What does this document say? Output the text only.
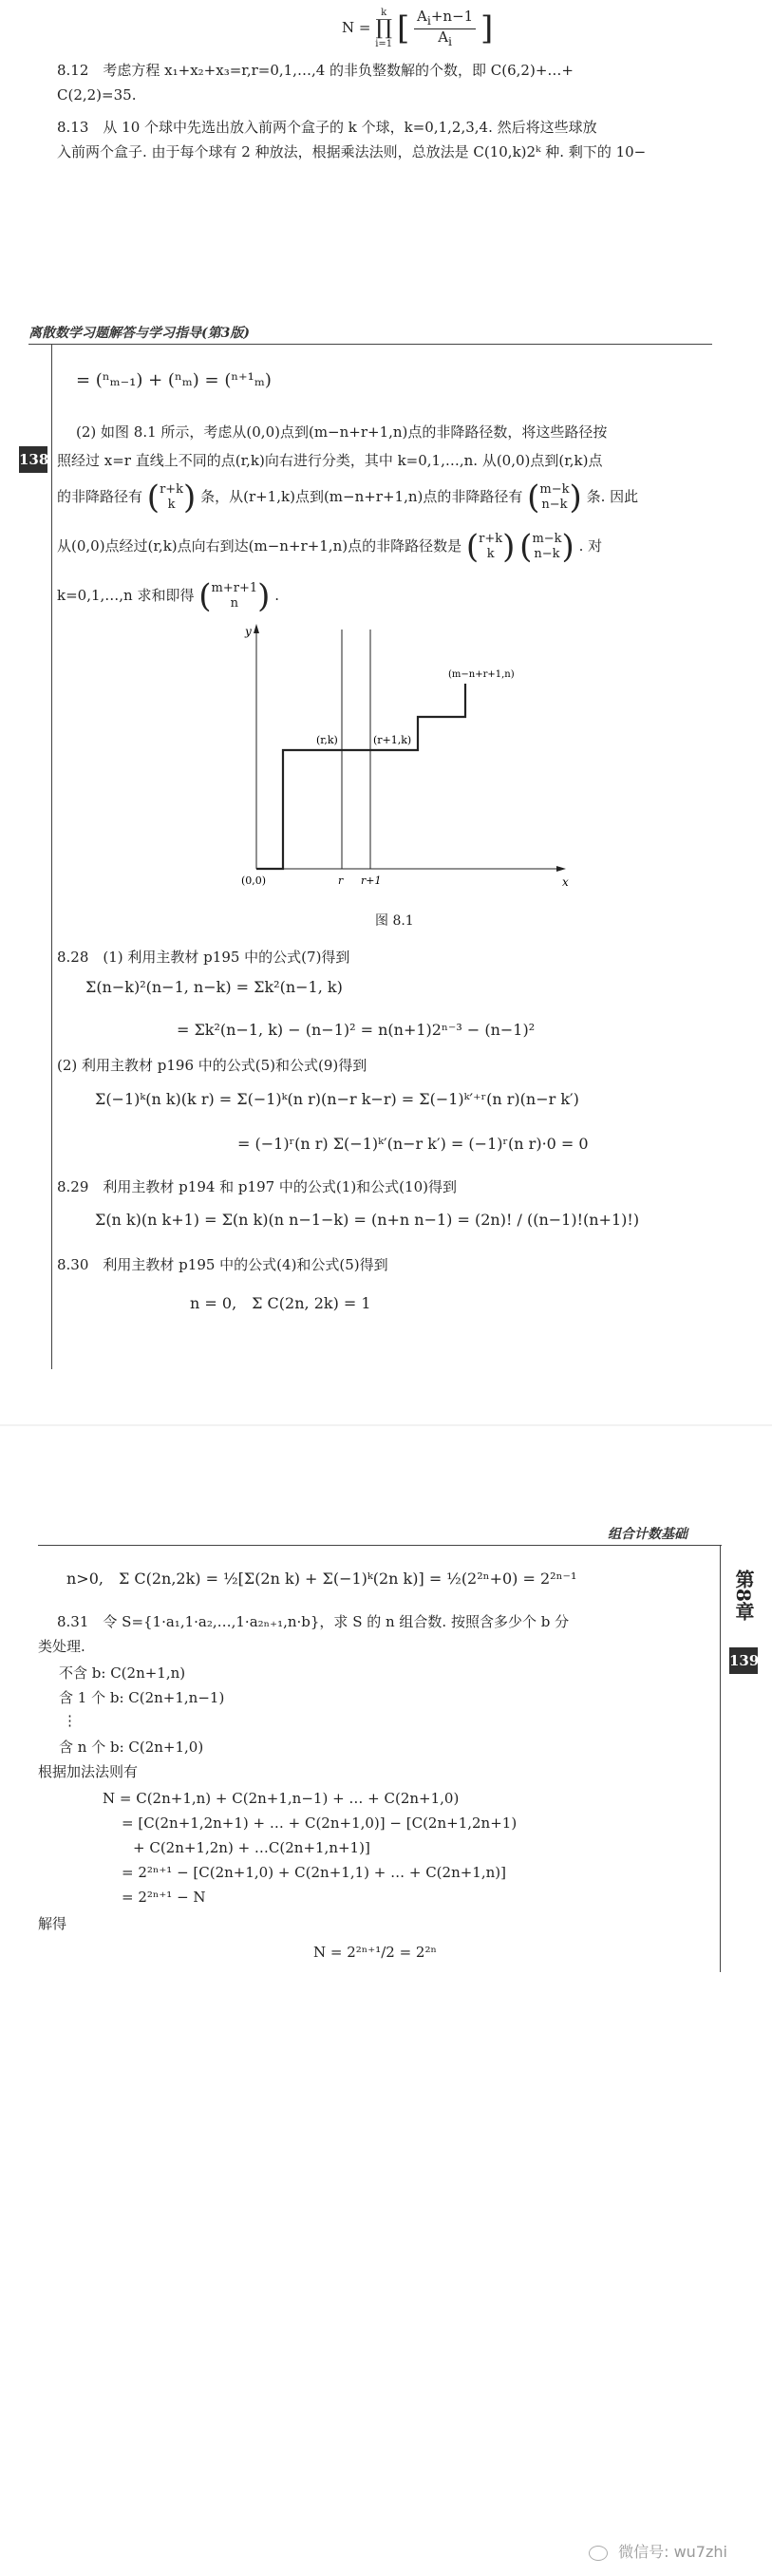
N = k
∏
i=1 [ $\frac{A_i+n-1}{A_i}$ ]
8.12　考虑方程 x₁+x₂+x₃=r,r=0,1,…,4 的非负整数解的个数，即 C(6,2)+…+
C(2,2)=35.
8.13　从 10 个球中先选出放入前两个盒子的 k 个球，k=0,1,2,3,4. 然后将这些球放
入前两个盒子. 由于每个球有 2 种放法，根据乘法法则，总放法是 C(10,k)2ᵏ 种. 剩下的 10−
离散数学习题解答与学习指导(第3版)
138
= (ⁿₘ₋₁) + (ⁿₘ) = (ⁿ⁺¹ₘ)
(2) 如图 8.1 所示，考虑从(0,0)点到(m−n+r+1,n)点的非降路径数，将这些路径按
照经过 x=r 直线上不同的点(r,k)向右进行分类，其中 k=0,1,…,n. 从(0,0)点到(r,k)点
的非降路径有 ( r+k
k ) 条，从(r+1,k)点到(m−n+r+1,n)点的非降路径有 ( m−k
n−k ) 条. 因此
从(0,0)点经过(r,k)点向右到达(m−n+r+1,n)点的非降路径数是 ( r+k
k ) ( m−k
n−k ) . 对
k=0,1,…,n 求和即得 ( m+r+1
n ) .
y
x
(0,0)
(r,k)	(r+1,k)
(m−n+r+1,n)
r r+1
图 8.1
8.28　(1) 利用主教材 p195 中的公式(7)得到
Σ(n−k)²(n−1, n−k) = Σk²(n−1, k)
= Σk²(n−1, k) − (n−1)² = n(n+1)2ⁿ⁻³ − (n−1)²
(2) 利用主教材 p196 中的公式(5)和公式(9)得到
Σ(−1)ᵏ(n k)(k r) = Σ(−1)ᵏ(n r)(n−r k−r) = Σ(−1)ᵏ′⁺ʳ(n r)(n−r k′)
= (−1)ʳ(n r) Σ(−1)ᵏ′(n−r k′) = (−1)ʳ(n r)·0 = 0
8.29　利用主教材 p194 和 p197 中的公式(1)和公式(10)得到
Σ(n k)(n k+1) = Σ(n k)(n n−1−k) = (n+n n−1) = (2n)! / ((n−1)!(n+1)!)
8.30　利用主教材 p195 中的公式(4)和公式(5)得到
n = 0,　Σ C(2n, 2k) = 1
组合计数基础
第8章
139
n>0,　Σ C(2n,2k) = ½[Σ(2n k) + Σ(−1)ᵏ(2n k)] = ½(2²ⁿ+0) = 2²ⁿ⁻¹
8.31　令 S={1·a₁,1·a₂,…,1·a₂ₙ₊₁,n·b}，求 S 的 n 组合数. 按照含多少个 b 分
类处理.
不含 b: C(2n+1,n)
含 1 个 b: C(2n+1,n−1)
⋮
含 n 个 b: C(2n+1,0)
根据加法法则有
N = C(2n+1,n) + C(2n+1,n−1) + … + C(2n+1,0)
= [C(2n+1,2n+1) + … + C(2n+1,0)] − [C(2n+1,2n+1)
+ C(2n+1,2n) + …C(2n+1,n+1)]
= 2²ⁿ⁺¹ − [C(2n+1,0) + C(2n+1,1) + … + C(2n+1,n)]
= 2²ⁿ⁺¹ − N
解得
N = 2²ⁿ⁺¹/2 = 2²ⁿ
微信号: wu7zhi
